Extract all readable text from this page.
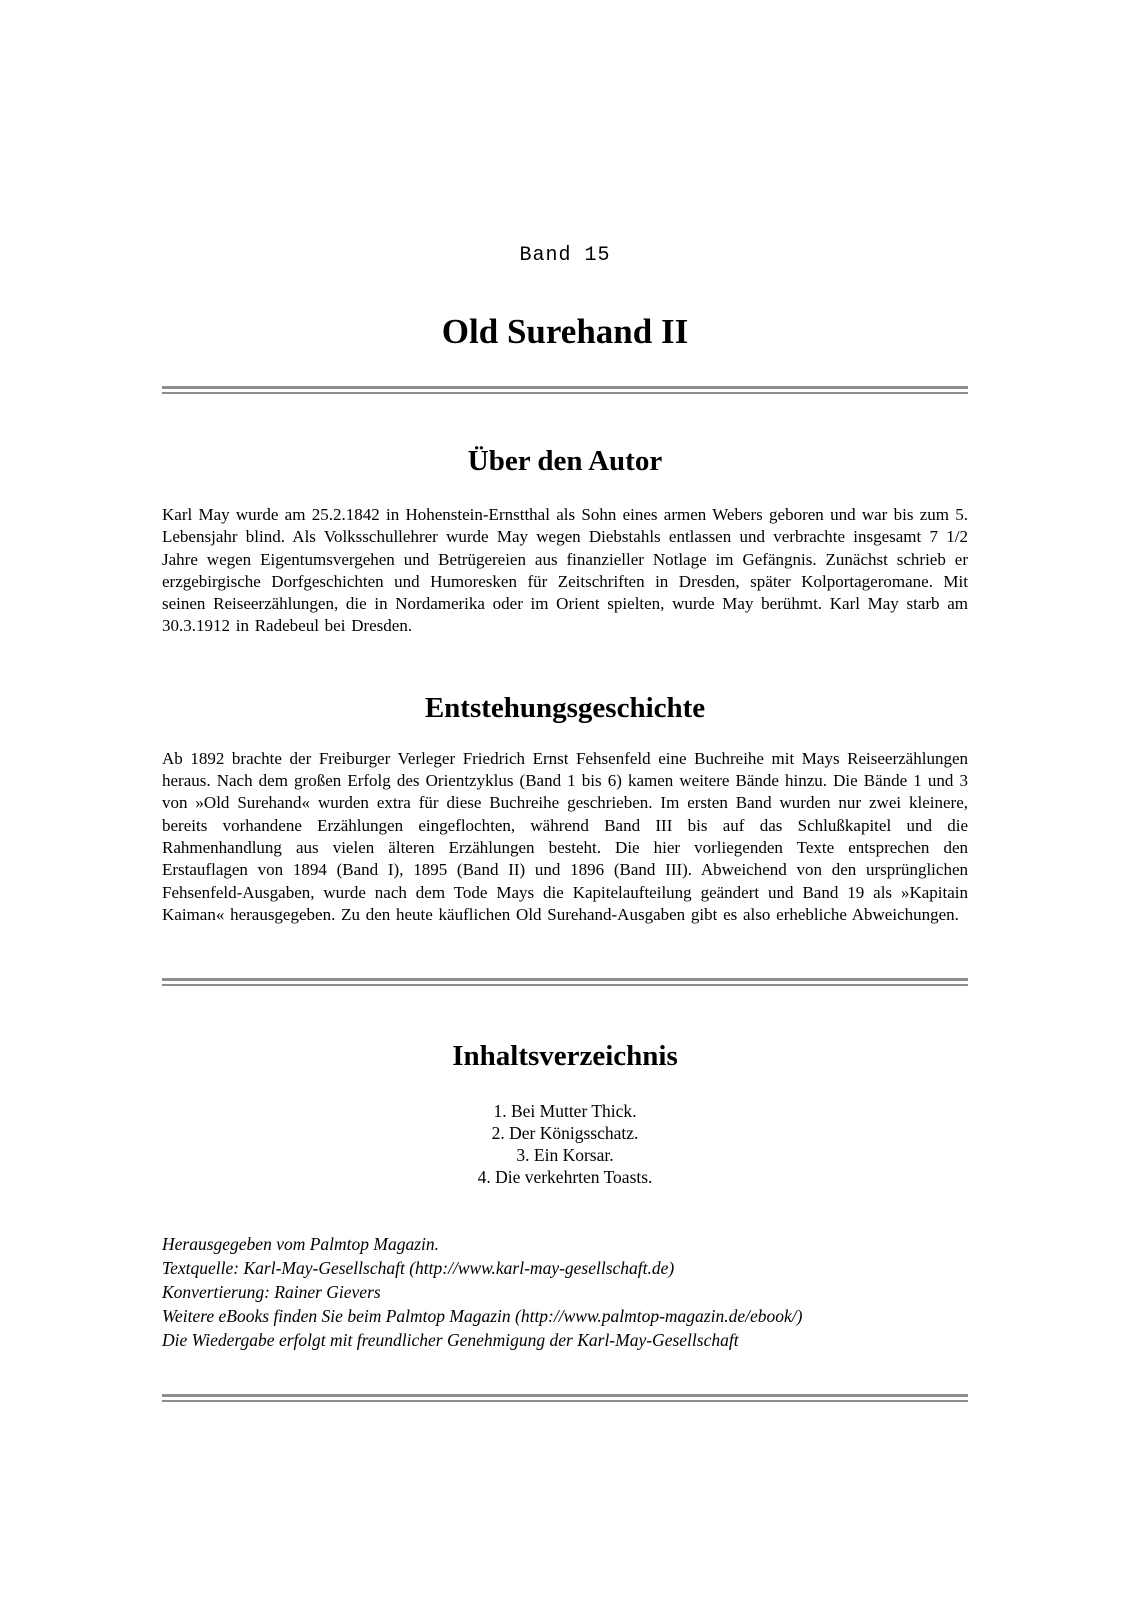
Band 15
Old Surehand II
Über den Autor

Karl May wurde am 25.2.1842 in Hohenstein-Ernstthal als Sohn eines armen Webers geboren und war bis zum 5. Lebensjahr blind. Als Volksschullehrer wurde May wegen Diebstahls entlassen und verbrachte insgesamt 7 1/2 Jahre wegen Eigentumsvergehen und Betrügereien aus finanzieller Notlage im Gefängnis. Zunächst schrieb er erzgebirgische Dorfgeschichten und Humoresken für Zeitschriften in Dresden, später Kolportageromane. Mit seinen Reiseerzählungen, die in Nordamerika oder im Orient spielten, wurde May berühmt. Karl May starb am 30.3.1912 in Radebeul bei Dresden.

Entstehungsgeschichte

Ab 1892 brachte der Freiburger Verleger Friedrich Ernst Fehsenfeld eine Buchreihe mit Mays Reiseerzählungen heraus. Nach dem großen Erfolg des Orientzyklus (Band 1 bis 6) kamen weitere Bände hinzu. Die Bände 1 und 3 von »Old Surehand« wurden extra für diese Buchreihe geschrieben. Im ersten Band wurden nur zwei kleinere, bereits vorhandene Erzählungen eingeflochten, während Band III bis auf das Schlußkapitel und die Rahmenhandlung aus vielen älteren Erzählungen besteht. Die hier vorliegenden Texte entsprechen den Erstauflagen von 1894 (Band I), 1895 (Band II) und 1896 (Band III). Abweichend von den ursprünglichen Fehsenfeld-Ausgaben, wurde nach dem Tode Mays die Kapitelaufteilung geändert und Band 19 als »Kapitain Kaiman« herausgegeben. Zu den heute käuflichen Old Surehand-Ausgaben gibt es also erhebliche Abweichungen.

Inhaltsverzeichnis
1. Bei Mutter Thick.
2. Der Königsschatz.
3. Ein Korsar.
4. Die verkehrten Toasts.
Herausgegeben vom Palmtop Magazin.
Textquelle: Karl-May-Gesellschaft (http://www.karl-may-gesellschaft.de)
Konvertierung: Rainer Gievers
Weitere eBooks finden Sie beim Palmtop Magazin (http://www.palmtop-magazin.de/ebook/)
Die Wiedergabe erfolgt mit freundlicher Genehmigung der Karl-May-Gesellschaft
